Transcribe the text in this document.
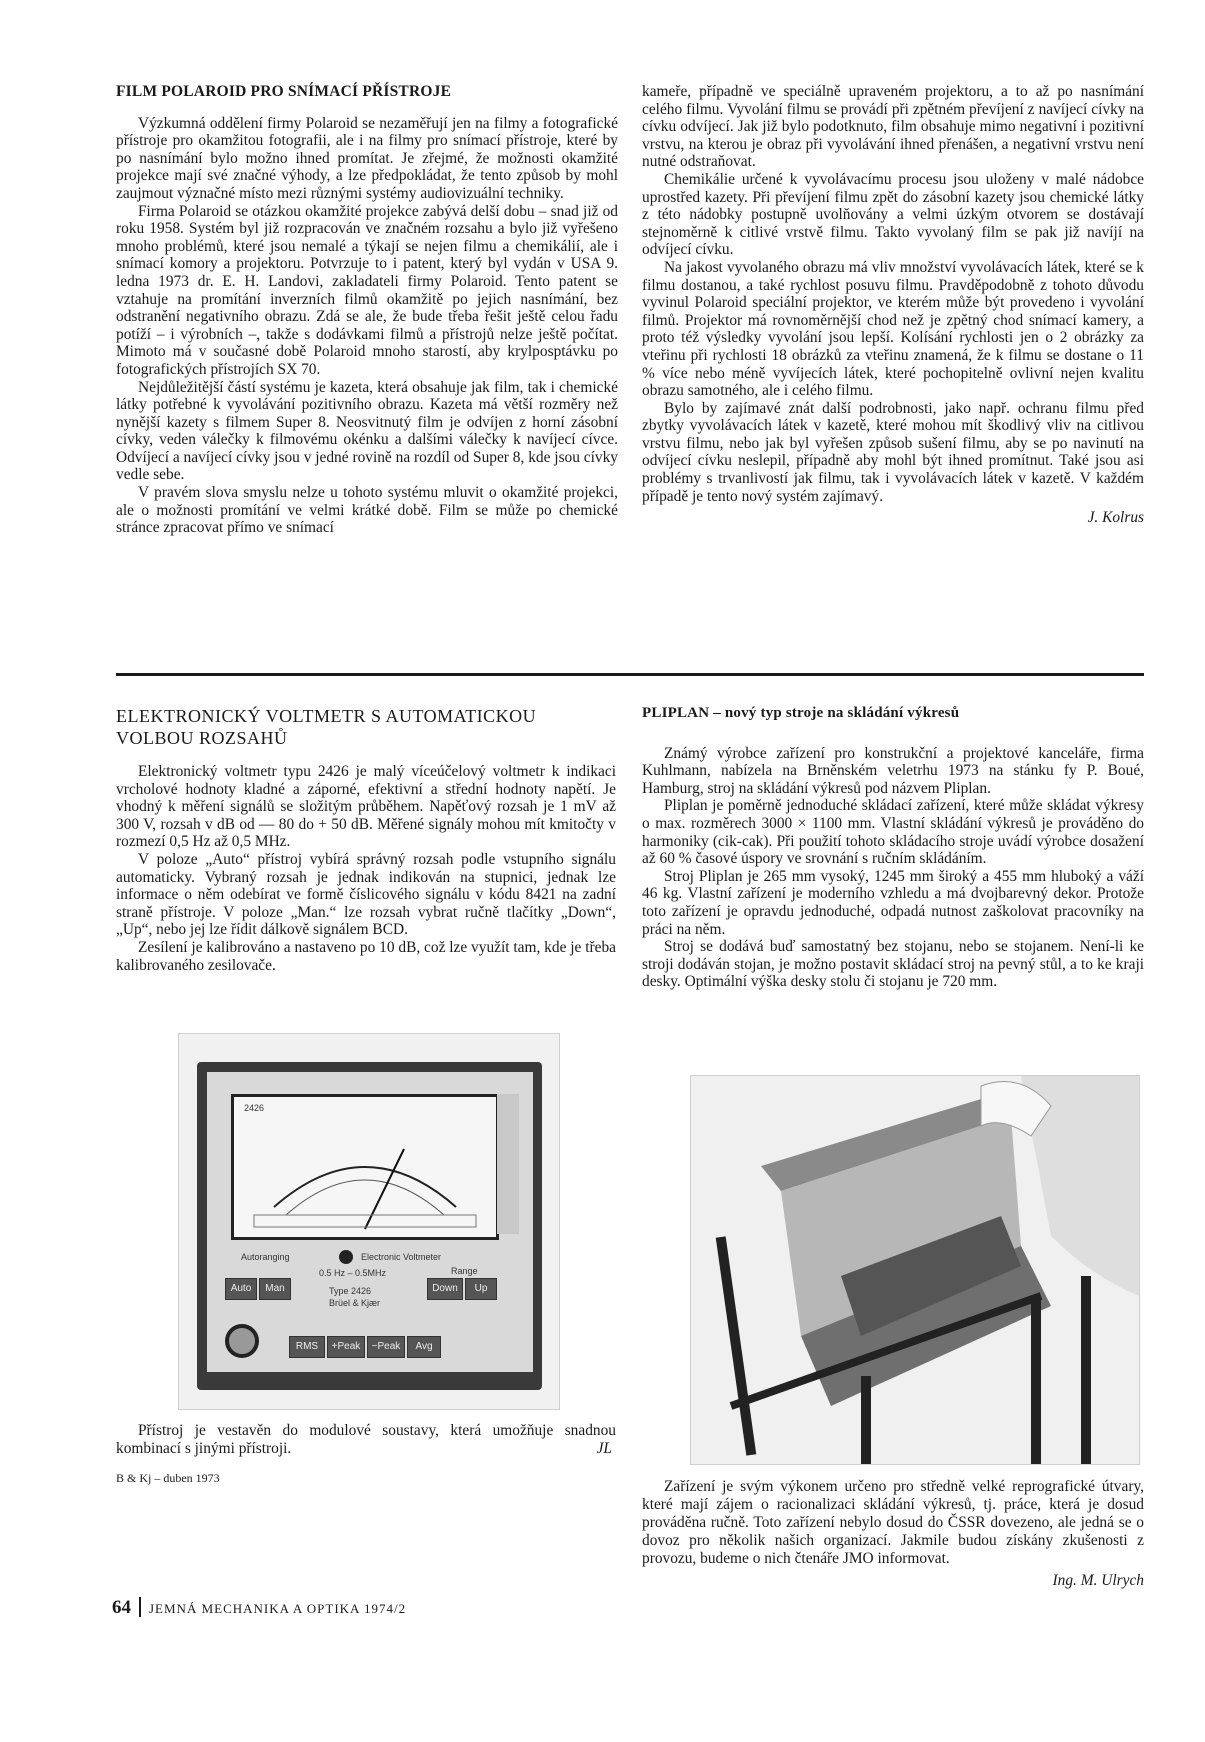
FILM POLAROID PRO SNÍMACÍ PŘÍSTROJE

Výzkumná oddělení firmy Polaroid se nezaměřují jen na filmy a fotografické přístroje pro okamžitou fotografii, ale i na filmy pro snímací přístroje, které by po nasnímání bylo možno ihned promítat. Je zřejmé, že možnosti okamžité projekce mají své značné výhody, a lze předpokládat, že tento způsob by mohl zaujmout význačné místo mezi různými systémy audiovizuální techniky.

Firma Polaroid se otázkou okamžité projekce zabývá delší dobu – snad již od roku 1958. Systém byl již rozpracován ve značném rozsahu a bylo již vyřešeno mnoho problémů, které jsou nemalé a týkají se nejen filmu a chemikálií, ale i snímací komory a projektoru. Potvrzuje to i patent, který byl vydán v USA 9. ledna 1973 dr. E. H. Landovi, zakladateli firmy Polaroid. Tento patent se vztahuje na promítání inverzních filmů okamžitě po jejich nasnímání, bez odstranění negativního obrazu. Zdá se ale, že bude třeba řešit ještě celou řadu potíží – i výrobních –, takže s dodávkami filmů a přístrojů nelze ještě počítat. Mimoto má v současné době Polaroid mnoho starostí, aby krylposptávku po fotografických přístrojích SX 70.

Nejdůležitější částí systému je kazeta, která obsahuje jak film, tak i chemické látky potřebné k vyvolávání pozitivního obrazu. Kazeta má větší rozměry než nynější kazety s filmem Super 8. Neosvitnutý film je odvíjen z horní zásobní cívky, veden válečky k filmovému okénku a dalšími válečky k navíjecí cívce. Odvíjecí a navíjecí cívky jsou v jedné rovině na rozdíl od Super 8, kde jsou cívky vedle sebe.

V pravém slova smyslu nelze u tohoto systému mluvit o okamžité projekci, ale o možnosti promítání ve velmi krátké době. Film se může po chemické stránce zpracovat přímo ve snímací

kameře, případně ve speciálně upraveném projektoru, a to až po nasnímání celého filmu. Vyvolání filmu se provádí při zpětném převíjení z navíjecí cívky na cívku odvíjecí. Jak již bylo podotknuto, film obsahuje mimo negativní i pozitivní vrstvu, na kterou je obraz při vyvolávání ihned přenášen, a negativní vrstvu není nutné odstraňovat.

Chemikálie určené k vyvolávacímu procesu jsou uloženy v malé nádobce uprostřed kazety. Při převíjení filmu zpět do zásobní kazety jsou chemické látky z této nádobky postupně uvolňovány a velmi úzkým otvorem se dostávají stejnoměrně k citlivé vrstvě filmu. Takto vyvolaný film se pak již navíjí na odvíjecí cívku.

Na jakost vyvolaného obrazu má vliv množství vyvolávacích látek, které se k filmu dostanou, a také rychlost posuvu filmu. Pravděpodobně z tohoto důvodu vyvinul Polaroid speciální projektor, ve kterém může být provedeno i vyvolání filmů. Projektor má rovnoměrnější chod než je zpětný chod snímací kamery, a proto též výsledky vyvolání jsou lepší. Kolísání rychlosti jen o 2 obrázky za vteřinu při rychlosti 18 obrázků za vteřinu znamená, že k filmu se dostane o 11 % více nebo méně vyvíjecích látek, které pochopitelně ovlivní nejen kvalitu obrazu samotného, ale i celého filmu.

Bylo by zajímavé znát další podrobnosti, jako např. ochranu filmu před zbytky vyvolávacích látek v kazetě, které mohou mít škodlivý vliv na citlivou vrstvu filmu, nebo jak byl vyřešen způsob sušení filmu, aby se po navinutí na odvíjecí cívku neslepil, případně aby mohl být ihned promítnut. Také jsou asi problémy s trvanlivostí jak filmu, tak i vyvolávacích látek v kazetě. V každém případě je tento nový systém zajímavý.

J. Kolrus
ELEKTRONICKÝ VOLTMETR S AUTOMATICKOU
VOLBOU ROZSAHŮ

Elektronický voltmetr typu 2426 je malý víceúčelový voltmetr k indikaci vrcholové hodnoty kladné a záporné, efektivní a střední hodnoty napětí. Je vhodný k měření signálů se složitým průběhem. Napěťový rozsah je 1 mV až 300 V, rozsah v dB od — 80 do + 50 dB. Měřené signály mohou mít kmitočty v rozmezí 0,5 Hz až 0,5 MHz.

V poloze „Auto“ přístroj vybírá správný rozsah podle vstupního signálu automaticky. Vybraný rozsah je jednak indikován na stupnici, jednak lze informace o něm odebírat ve formě číslicového signálu v kódu 8421 na zadní straně přístroje. V poloze „Man.“ lze rozsah vybrat ručně tlačítky „Down“, „Up“, nebo jej lze řídit dálkově signálem BCD.

Zesílení je kalibrováno a nastaveno po 10 dB, což lze využít tam, kde je třeba kalibrovaného zesilovače.

2426
Autoranging	Electronic Voltmeter
0.5 Hz – 0.5MHz	Range
Type 2426
Brüel & Kjær
Auto	Man	Down	Up
RMS	+Peak	−Peak	Avg

Přístroj je vestavěn do modulové soustavy, která umožňuje snadnou kombinací s jinými přístroji.	JL

B & Kj – duben 1973
PLIPLAN – nový typ stroje na skládání výkresů

Známý výrobce zařízení pro konstrukční a projektové kanceláře, firma Kuhlmann, nabízela na Brněnském veletrhu 1973 na stánku fy P. Boué, Hamburg, stroj na skládání výkresů pod názvem Pliplan.

Pliplan je poměrně jednoduché skládací zařízení, které může skládat výkresy o max. rozměrech 3000 × 1100 mm. Vlastní skládání výkresů je prováděno do harmoniky (cik-cak). Při použití tohoto skládacího stroje uvádí výrobce dosažení až 60 % časové úspory ve srovnání s ručním skládáním.

Stroj Pliplan je 265 mm vysoký, 1245 mm široký a 455 mm hluboký a váží 46 kg. Vlastní zařízení je moderního vzhledu a má dvojbarevný dekor. Protože toto zařízení je opravdu jednoduché, odpadá nutnost zaškolovat pracovníky na práci na něm.

Stroj se dodává buď samostatný bez stojanu, nebo se stojanem. Není-li ke stroji dodáván stojan, je možno postavit skládací stroj na pevný stůl, a to ke kraji desky. Optimální výška desky stolu či stojanu je 720 mm.

Zařízení je svým výkonem určeno pro středně velké reprografické útvary, které mají zájem o racionalizaci skládání výkresů, tj. práce, která je dosud prováděna ručně. Toto zařízení nebylo dosud do ČSSR dovezeno, ale jedná se o dovoz pro několik našich organizací. Jakmile budou získány zkušenosti z provozu, budeme o nich čtenáře JMO informovat.

Ing. M. Ulrych
64 JEMNÁ MECHANIKA A OPTIKA 1974/2
